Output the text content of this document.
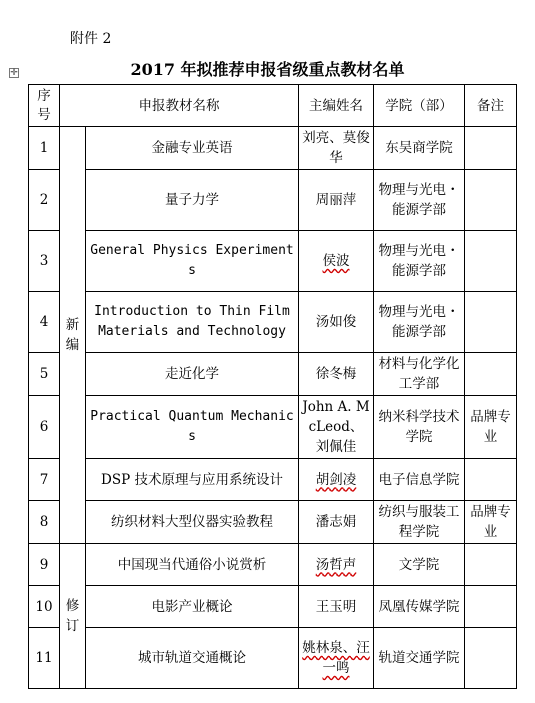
附件 2
✛	2017 年拟推荐申报省级重点教材名单
序号	申报教材名称		主编姓名	学院（部）	备注
1	新编	金融专业英语	刘亮、莫俊华	东吴商学院	
2		量子力学	周丽萍	物理与光电・能源学部	
3		General Physics Experiments	侯波	物理与光电・能源学部	
4		Introduction to Thin Film Materials and Technology	汤如俊	物理与光电・能源学部	
5		走近化学	徐冬梅	材料与化学化工学部	
6		Practical Quantum Mechanics	John A. McLeod、刘佩佳	纳米科学技术学院	品牌专业
7		DSP 技术原理与应用系统设计	胡剑凌	电子信息学院	
8		纺织材料大型仪器实验教程	潘志娟	纺织与服装工程学院	品牌专业
9	修订	中国现当代通俗小说赏析	汤哲声	文学院	
10		电影产业概论	王玉明	凤凰传媒学院	
11		城市轨道交通概论	姚林泉、汪一鸣	轨道交通学院	
